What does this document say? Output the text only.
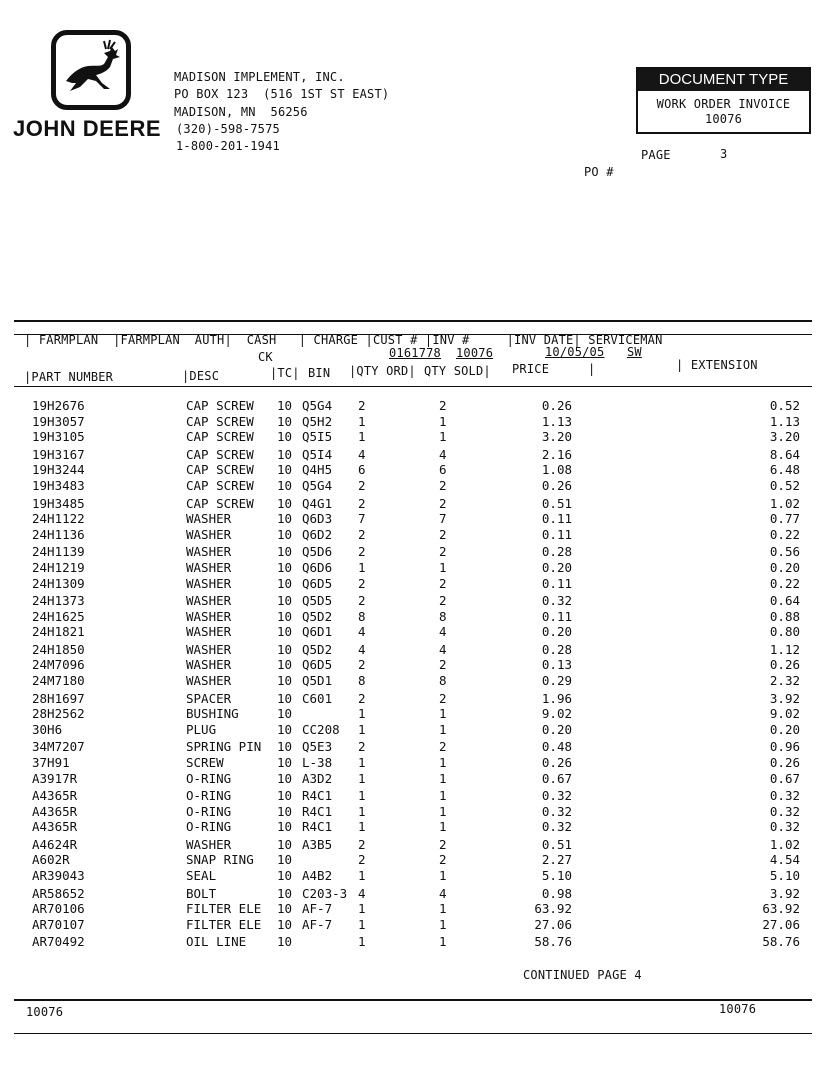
JOHN DEERE
MADISON IMPLEMENT, INC.
PO BOX 123  (516 1ST ST EAST)
MADISON, MN  56256
(320)-598-7575
1-800-201-1941
DOCUMENT TYPE
WORK ORDER INVOICE
10076
PAGE	3
PO #
| FARMPLAN  |FARMPLAN  AUTH|  CASH   | CHARGE |CUST # |INV #     |INV DATE| SERVICEMAN
CK	0161778 10076	10/05/05 SW
|PART NUMBER	|DESC	|TC| BIN |QTY ORD| QTY SOLD| PRICE	|	| EXTENSION
19H2676	CAP SCREW 10 Q5G4 2	2	0.26	0.52
19H3057	CAP SCREW 10 Q5H2 1	1	1.13	1.13
19H3105	CAP SCREW 10 Q5I5 1	1	3.20	3.20
19H3167	CAP SCREW 10 Q5I4 4	4	2.16	8.64
19H3244	CAP SCREW 10 Q4H5 6	6	1.08	6.48
19H3483	CAP SCREW 10 Q5G4 2	2	0.26	0.52
19H3485	CAP SCREW 10 Q4G1 2	2	0.51	1.02
24H1122	WASHER	10 Q6D3 7	7	0.11	0.77
24H1136	WASHER	10 Q6D2 2	2	0.11	0.22
24H1139	WASHER	10 Q5D6 2	2	0.28	0.56
24H1219	WASHER	10 Q6D6 1	1	0.20	0.20
24H1309	WASHER	10 Q6D5 2	2	0.11	0.22
24H1373	WASHER	10 Q5D5 2	2	0.32	0.64
24H1625	WASHER	10 Q5D2 8	8	0.11	0.88
24H1821	WASHER	10 Q6D1 4	4	0.20	0.80
24H1850	WASHER	10 Q5D2 4	4	0.28	1.12
24M7096	WASHER	10 Q6D5 2	2	0.13	0.26
24M7180	WASHER	10 Q5D1 8	8	0.29	2.32
28H1697	SPACER	10 C601 2	2	1.96	3.92
28H2562	BUSHING	10	1	1	9.02	9.02
30H6	PLUG	10 CC208 1	1	0.20	0.20
34M7207	SPRING PIN 10 Q5E3 2	2	0.48	0.96
37H91	SCREW	10 L-38 1	1	0.26	0.26
A3917R	O-RING	10 A3D2 1	1	0.67	0.67
A4365R	O-RING	10 R4C1 1	1	0.32	0.32
A4365R	O-RING	10 R4C1 1	1	0.32	0.32
A4365R	O-RING	10 R4C1 1	1	0.32	0.32
A4624R	WASHER	10 A3B5 2	2	0.51	1.02
A602R	SNAP RING 10	2	2	2.27	4.54
AR39043	SEAL	10 A4B2 1	1	5.10	5.10
AR58652	BOLT	10 C203-3 4	4	0.98	3.92
AR70106	FILTER ELE 10 AF-7 1	1	63.92	63.92
AR70107	FILTER ELE 10 AF-7 1	1	27.06	27.06
AR70492	OIL LINE 10	1	1	58.76	58.76
CONTINUED PAGE 4
10076	10076
